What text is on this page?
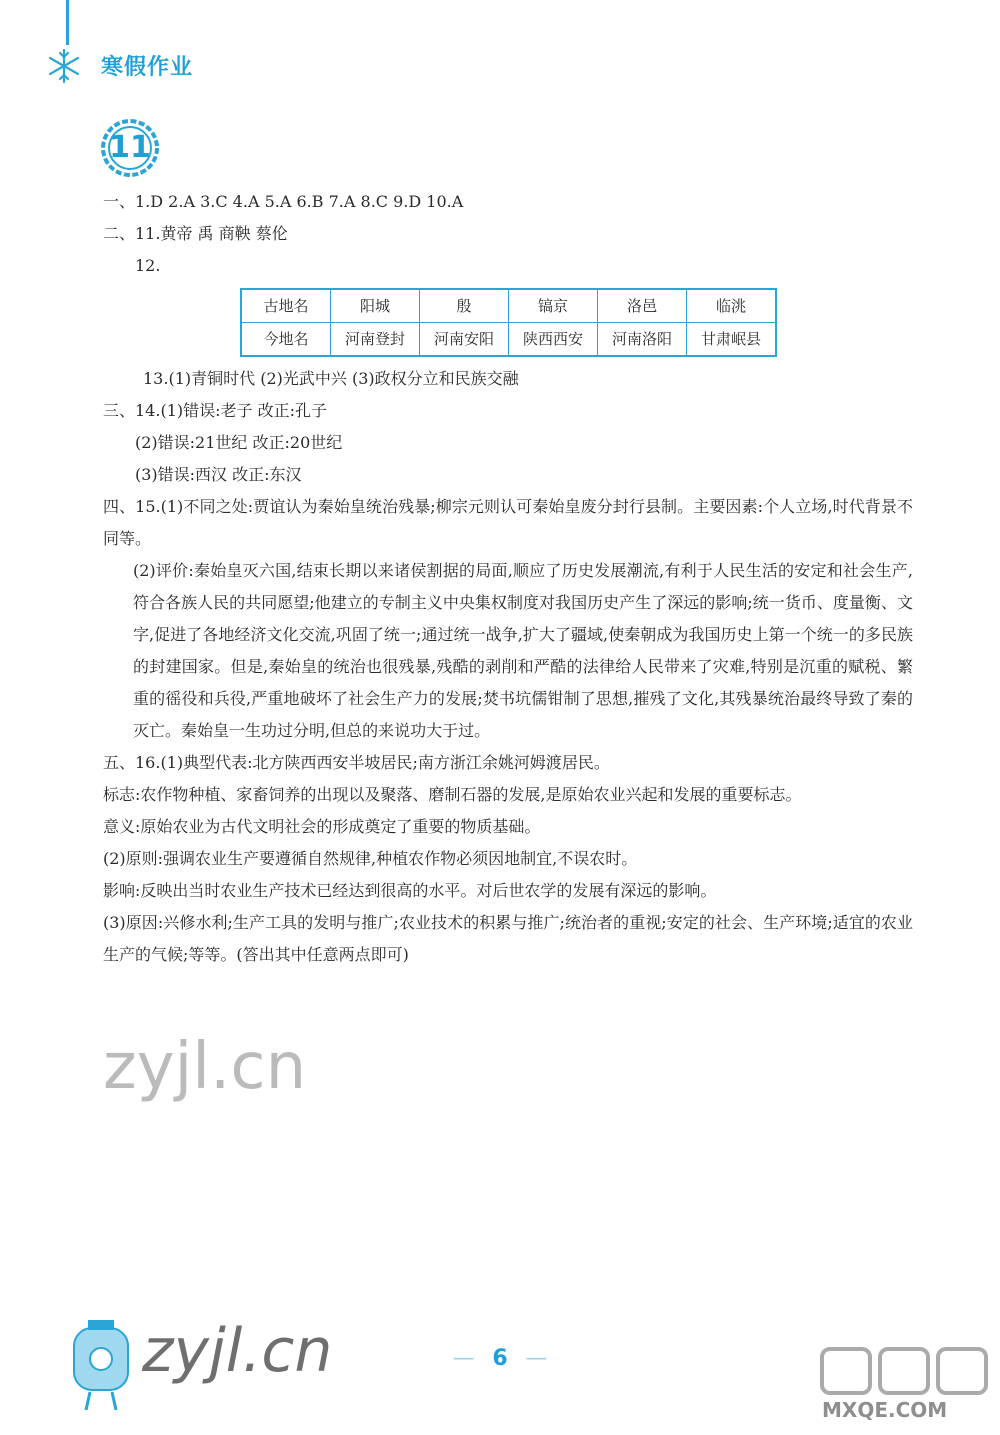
寒假作业
11
一、1.D 2.A 3.C 4.A 5.A 6.B 7.A 8.C 9.D 10.A
二、11.黄帝 禹 商鞅 蔡伦
12.
古地名	阳城	殷	镐京	洛邑	临洮
今地名	河南登封	河南安阳	陕西西安	河南洛阳	甘肃岷县
13.(1)青铜时代 (2)光武中兴 (3)政权分立和民族交融
三、14.(1)错误:老子 改正:孔子
(2)错误:21世纪 改正:20世纪
(3)错误:西汉 改正:东汉
四、15.(1)不同之处:贾谊认为秦始皇统治残暴;柳宗元则认可秦始皇废分封行县制。主要因素:个人立场,时代背景不同等。
(2)评价:秦始皇灭六国,结束长期以来诸侯割据的局面,顺应了历史发展潮流,有利于人民生活的安定和社会生产,符合各族人民的共同愿望;他建立的专制主义中央集权制度对我国历史产生了深远的影响;统一货币、度量衡、文字,促进了各地经济文化交流,巩固了统一;通过统一战争,扩大了疆域,使秦朝成为我国历史上第一个统一的多民族的封建国家。但是,秦始皇的统治也很残暴,残酷的剥削和严酷的法律给人民带来了灾难,特别是沉重的赋税、繁重的徭役和兵役,严重地破坏了社会生产力的发展;焚书坑儒钳制了思想,摧残了文化,其残暴统治最终导致了秦的灭亡。秦始皇一生功过分明,但总的来说功大于过。
五、16.(1)典型代表:北方陕西西安半坡居民;南方浙江余姚河姆渡居民。
标志:农作物种植、家畜饲养的出现以及聚落、磨制石器的发展,是原始农业兴起和发展的重要标志。
意义:原始农业为古代文明社会的形成奠定了重要的物质基础。
(2)原则:强调农业生产要遵循自然规律,种植农作物必须因地制宜,不误农时。
影响:反映出当时农业生产技术已经达到很高的水平。对后世农学的发展有深远的影响。
(3)原因:兴修水利;生产工具的发明与推广;农业技术的积累与推广;统治者的重视;安定的社会、生产环境;适宜的农业生产的气候;等等。(答出其中任意两点即可)
zyjl.cn
zyjl.cn	— 6 —
MXQE.COM
